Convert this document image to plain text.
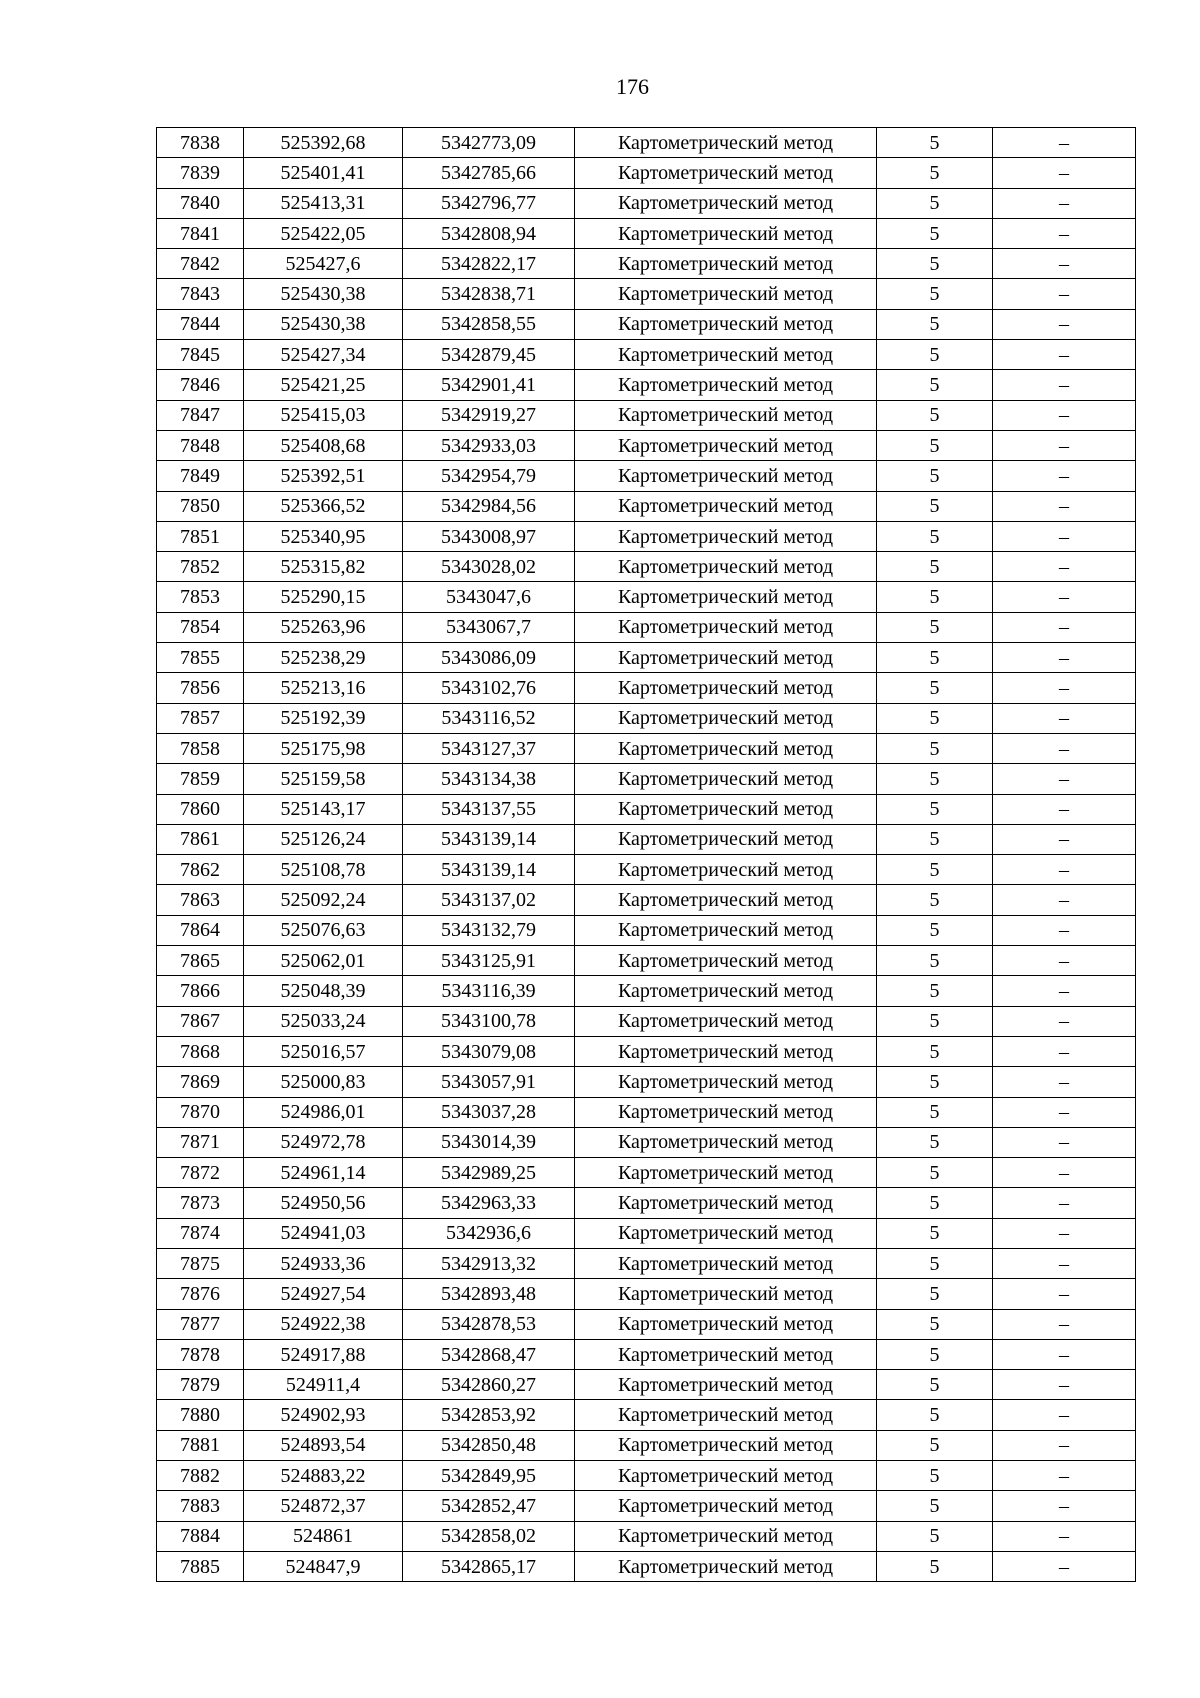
176
7838	525392,68	5342773,09	Картометрический метод	5	–
7839	525401,41	5342785,66	Картометрический метод	5	–
7840	525413,31	5342796,77	Картометрический метод	5	–
7841	525422,05	5342808,94	Картометрический метод	5	–
7842	525427,6	5342822,17	Картометрический метод	5	–
7843	525430,38	5342838,71	Картометрический метод	5	–
7844	525430,38	5342858,55	Картометрический метод	5	–
7845	525427,34	5342879,45	Картометрический метод	5	–
7846	525421,25	5342901,41	Картометрический метод	5	–
7847	525415,03	5342919,27	Картометрический метод	5	–
7848	525408,68	5342933,03	Картометрический метод	5	–
7849	525392,51	5342954,79	Картометрический метод	5	–
7850	525366,52	5342984,56	Картометрический метод	5	–
7851	525340,95	5343008,97	Картометрический метод	5	–
7852	525315,82	5343028,02	Картометрический метод	5	–
7853	525290,15	5343047,6	Картометрический метод	5	–
7854	525263,96	5343067,7	Картометрический метод	5	–
7855	525238,29	5343086,09	Картометрический метод	5	–
7856	525213,16	5343102,76	Картометрический метод	5	–
7857	525192,39	5343116,52	Картометрический метод	5	–
7858	525175,98	5343127,37	Картометрический метод	5	–
7859	525159,58	5343134,38	Картометрический метод	5	–
7860	525143,17	5343137,55	Картометрический метод	5	–
7861	525126,24	5343139,14	Картометрический метод	5	–
7862	525108,78	5343139,14	Картометрический метод	5	–
7863	525092,24	5343137,02	Картометрический метод	5	–
7864	525076,63	5343132,79	Картометрический метод	5	–
7865	525062,01	5343125,91	Картометрический метод	5	–
7866	525048,39	5343116,39	Картометрический метод	5	–
7867	525033,24	5343100,78	Картометрический метод	5	–
7868	525016,57	5343079,08	Картометрический метод	5	–
7869	525000,83	5343057,91	Картометрический метод	5	–
7870	524986,01	5343037,28	Картометрический метод	5	–
7871	524972,78	5343014,39	Картометрический метод	5	–
7872	524961,14	5342989,25	Картометрический метод	5	–
7873	524950,56	5342963,33	Картометрический метод	5	–
7874	524941,03	5342936,6	Картометрический метод	5	–
7875	524933,36	5342913,32	Картометрический метод	5	–
7876	524927,54	5342893,48	Картометрический метод	5	–
7877	524922,38	5342878,53	Картометрический метод	5	–
7878	524917,88	5342868,47	Картометрический метод	5	–
7879	524911,4	5342860,27	Картометрический метод	5	–
7880	524902,93	5342853,92	Картометрический метод	5	–
7881	524893,54	5342850,48	Картометрический метод	5	–
7882	524883,22	5342849,95	Картометрический метод	5	–
7883	524872,37	5342852,47	Картометрический метод	5	–
7884	524861	5342858,02	Картометрический метод	5	–
7885	524847,9	5342865,17	Картометрический метод	5	–
